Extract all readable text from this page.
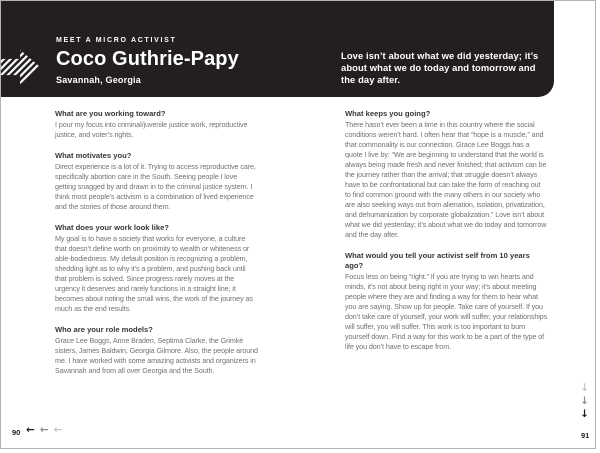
MEET A MICRO ACTIVIST
Coco Guthrie-Papy
Savannah, Georgia
Love isn’t about what we did yesterday; it’s about what we do today and tomorrow and the day after.

What are you working toward?

I pour my focus into criminal/juvenile justice work, reproductive justice, and voter’s rights.

What motivates you?

Direct experience is a lot of it. Trying to access reproductive care, specifically abortion care in the South. Seeing people I love getting snagged by and drawn in to the criminal justice system. I think most people’s activism is a combination of lived experience and the stories of those around them.

What does your work look like?

My goal is to have a society that works for everyone, a culture that doesn’t define worth on proximity to wealth or whiteness or able-bodiedness. My default position is recognizing a problem, shedding light as to why it’s a problem, and pushing back until that problem is solved. Since progress rarely moves at the urgency it deserves and rarely functions in a straight line, it becomes about noting the small wins, the work of the journey as much as the end results.

Who are your role models?

Grace Lee Boggs, Anne Braden, Septima Clarke, the Grimké sisters, James Baldwin, Georgia Gilmore. Also, the people around me. I have worked with some amazing activists and organizers in Savannah and from all over Georgia and the South.

What keeps you going?

There hasn’t ever been a time in this country where the social conditions weren’t hard. I often hear that “hope is a muscle,” and that commonality is our connection. Grace Lee Boggs has a quote I live by: “We are beginning to understand that the world is always being made fresh and never finished; that activism can be the journey rather than the arrival; that struggle doesn’t always have to be confrontational but can take the form of reaching out to find common ground with the many others in our society who are also seeking ways out from alienation, isolation, privatization, and dehumanization by corporate globalization.” Love isn’t about what we did yesterday; it’s about what we do today and tomorrow and the day after.

What would you tell your activist self from 10 years ago?

Focus less on being “right.” If you are trying to win hearts and minds, it’s not about being right in your way; it’s about meeting people where they are and finding a way for them to hear what you are saying. Show up for people. Take care of yourself. If you don’t take care of yourself, your work will suffer, your relationships will suffer, you will suffer. This work is too important to burn yourself down. Find a way for this work to be a part of the type of life you don’t have to escape from.

90 ← ← ←
↓
↓
↓
91
